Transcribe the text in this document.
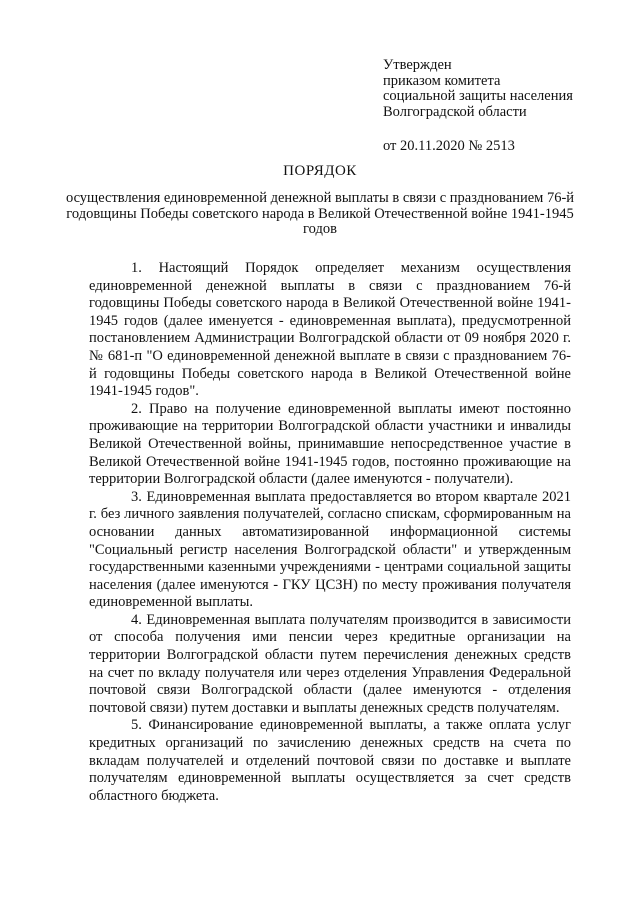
Утвержден
приказом комитета
социальной защиты населения
Волгоградской области
от 20.11.2020 № 2513
ПОРЯДОК
осуществления единовременной денежной выплаты в связи с празднованием 76-й годовщины Победы советского народа в Великой Отечественной войне 1941-1945 годов

1. Настоящий Порядок определяет механизм осуществления единовременной денежной выплаты в связи с празднованием 76-й годовщины Победы советского народа в Великой Отечественной войне 1941-1945 годов (далее именуется - единовременная выплата), предусмотренной постановлением Администрации Волгоградской области от 09 ноября 2020 г. № 681-п "О единовременной денежной выплате в связи с празднованием 76-й годовщины Победы советского народа в Великой Отечественной войне 1941-1945 годов".

2. Право на получение единовременной выплаты имеют постоянно проживающие на территории Волгоградской области участники и инвалиды Великой Отечественной войны, принимавшие непосредственное участие в Великой Отечественной войне 1941-1945 годов, постоянно проживающие на территории Волгоградской области (далее именуются - получатели).

3. Единовременная выплата предоставляется во втором квартале 2021 г. без личного заявления получателей, согласно спискам, сформированным на основании данных автоматизированной информационной системы "Социальный регистр населения Волгоградской области" и утвержденным государственными казенными учреждениями - центрами социальной защиты населения (далее именуются - ГКУ ЦСЗН) по месту проживания получателя единовременной выплаты.

4. Единовременная выплата получателям производится в зависимости от способа получения ими пенсии через кредитные организации на территории Волгоградской области путем перечисления денежных средств на счет по вкладу получателя или через отделения Управления Федеральной почтовой связи Волгоградской области (далее именуются - отделения почтовой связи) путем доставки и выплаты денежных средств получателям.

5. Финансирование единовременной выплаты, а также оплата услуг кредитных организаций по зачислению денежных средств на счета по вкладам получателей и отделений почтовой связи по доставке и выплате получателям единовременной выплаты осуществляется за счет средств областного бюджета.
